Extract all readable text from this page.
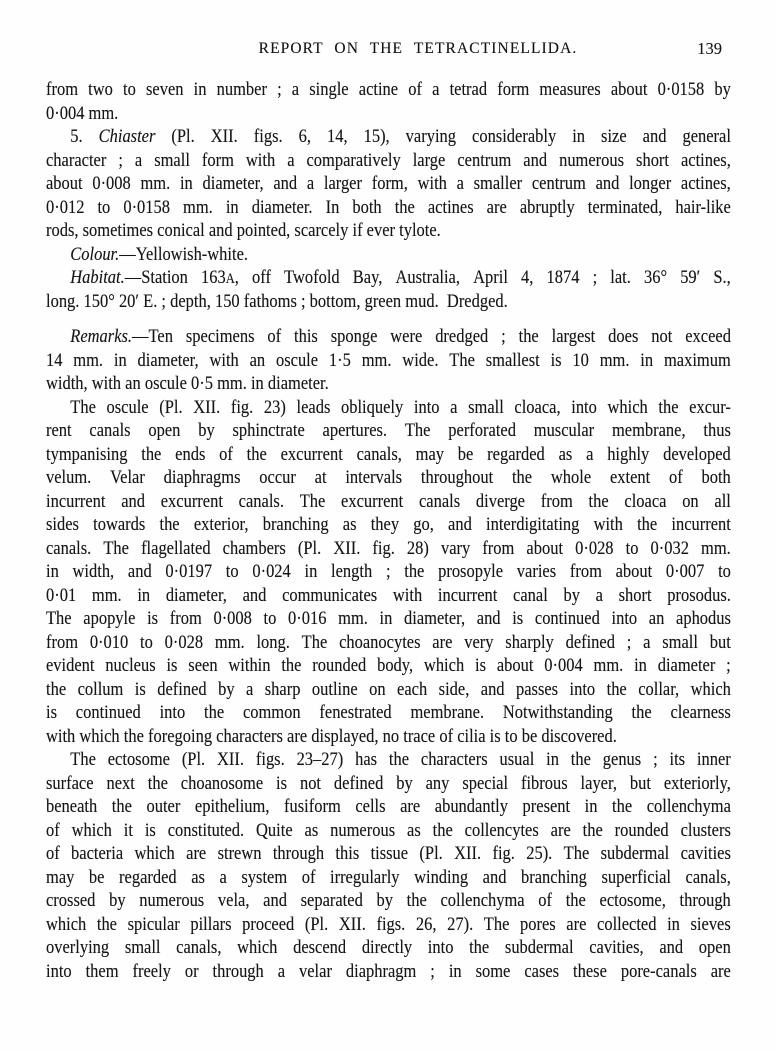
REPORT ON THE TETRACTINELLIDA.	139
from two to seven in number ; a single actine of a tetrad form measures about 0·0158 by
0·004 mm.
5. Chiaster (Pl. XII. figs. 6, 14, 15), varying considerably in size and general
character ; a small form with a comparatively large centrum and numerous short actines,
about 0·008 mm. in diameter, and a larger form, with a smaller centrum and longer actines,
0·012 to 0·0158 mm. in diameter. In both the actines are abruptly terminated, hair-like
rods, sometimes conical and pointed, scarcely if ever tylote.
Colour.—Yellowish-white.
Habitat.—Station 163A, off Twofold Bay, Australia, April 4, 1874 ; lat. 36° 59′ S.,
long. 150° 20′ E. ; depth, 150 fathoms ; bottom, green mud.  Dredged.
Remarks.—Ten specimens of this sponge were dredged ; the largest does not exceed
14 mm. in diameter, with an oscule 1·5 mm. wide. The smallest is 10 mm. in maximum
width, with an oscule 0·5 mm. in diameter.
The oscule (Pl. XII. fig. 23) leads obliquely into a small cloaca, into which the excur-
rent canals open by sphinctrate apertures. The perforated muscular membrane, thus
tympanising the ends of the excurrent canals, may be regarded as a highly developed
velum. Velar diaphragms occur at intervals throughout the whole extent of both
incurrent and excurrent canals. The excurrent canals diverge from the cloaca on all
sides towards the exterior, branching as they go, and interdigitating with the incurrent
canals. The flagellated chambers (Pl. XII. fig. 28) vary from about 0·028 to 0·032 mm.
in width, and 0·0197 to 0·024 in length ; the prosopyle varies from about 0·007 to
0·01 mm. in diameter, and communicates with incurrent canal by a short prosodus.
The apopyle is from 0·008 to 0·016 mm. in diameter, and is continued into an aphodus
from 0·010 to 0·028 mm. long. The choanocytes are very sharply defined ; a small but
evident nucleus is seen within the rounded body, which is about 0·004 mm. in diameter ;
the collum is defined by a sharp outline on each side, and passes into the collar, which
is continued into the common fenestrated membrane. Notwithstanding the clearness
with which the foregoing characters are displayed, no trace of cilia is to be discovered.
The ectosome (Pl. XII. figs. 23–27) has the characters usual in the genus ; its inner
surface next the choanosome is not defined by any special fibrous layer, but exteriorly,
beneath the outer epithelium, fusiform cells are abundantly present in the collenchyma
of which it is constituted. Quite as numerous as the collencytes are the rounded clusters
of bacteria which are strewn through this tissue (Pl. XII. fig. 25). The subdermal cavities
may be regarded as a system of irregularly winding and branching superficial canals,
crossed by numerous vela, and separated by the collenchyma of the ectosome, through
which the spicular pillars proceed (Pl. XII. figs. 26, 27). The pores are collected in sieves
overlying small canals, which descend directly into the subdermal cavities, and open
into them freely or through a velar diaphragm ; in some cases these pore-canals are
